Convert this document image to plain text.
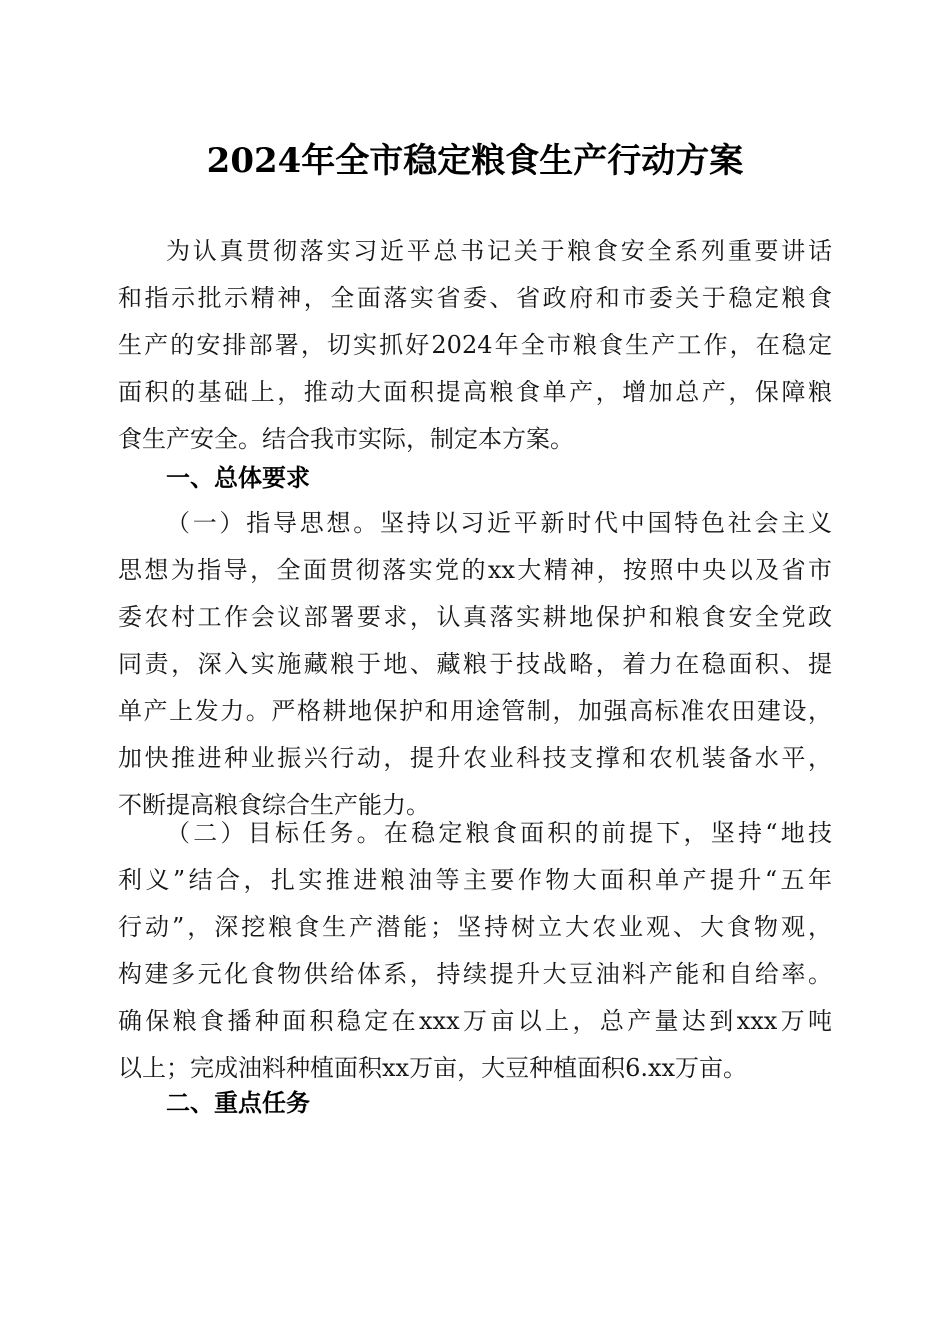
2024年全市稳定粮食生产行动方案
为认真贯彻落实习近平总书记关于粮食安全系列重要讲话
和指示批示精神，全面落实省委、省政府和市委关于稳定粮食
生产的安排部署，切实抓好2024年全市粮食生产工作，在稳定
面积的基础上，推动大面积提高粮食单产，增加总产，保障粮
食生产安全。结合我市实际，制定本方案。
一、总体要求
（一）指导思想。坚持以习近平新时代中国特色社会主义
思想为指导，全面贯彻落实党的xx大精神，按照中央以及省市
委农村工作会议部署要求，认真落实耕地保护和粮食安全党政
同责，深入实施藏粮于地、藏粮于技战略，着力在稳面积、提
单产上发力。严格耕地保护和用途管制，加强高标准农田建设，
加快推进种业振兴行动，提升农业科技支撑和农机装备水平，
不断提高粮食综合生产能力。
（二）目标任务。在稳定粮食面积的前提下，坚持“地技
利义”结合，扎实推进粮油等主要作物大面积单产提升“五年
行动”，深挖粮食生产潜能；坚持树立大农业观、大食物观，
构建多元化食物供给体系，持续提升大豆油料产能和自给率。
确保粮食播种面积稳定在xxx万亩以上，总产量达到xxx万吨
以上；完成油料种植面积xx万亩，大豆种植面积6.xx万亩。
二、重点任务
